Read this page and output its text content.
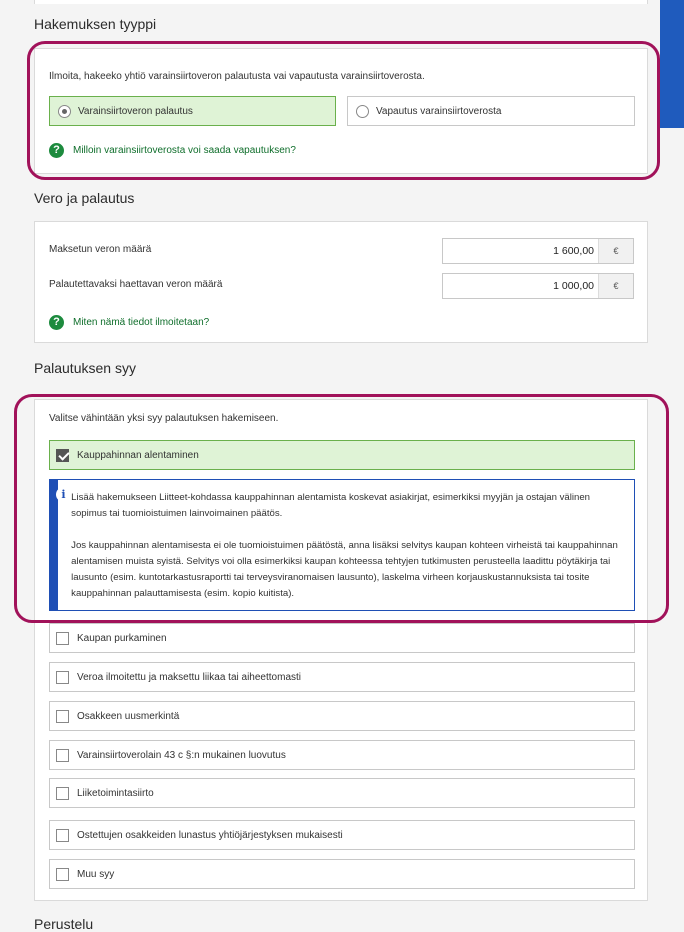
Hakemuksen tyyppi
Ilmoita, hakeeko yhtiö varainsiirtoveron palautusta vai vapautusta varainsiirtoverosta.
Varainsiirtoveron palautus	Vapautus varainsiirtoverosta
?	Milloin varainsiirtoverosta voi saada vapautuksen?
Vero ja palautus
Maksetun veron määrä	1 600,00	€
Palautettavaksi haettavan veron määrä	1 000,00	€
?	Miten nämä tiedot ilmoitetaan?
Palautuksen syy
Valitse vähintään yksi syy palautuksen hakemiseen.
Kauppahinnan alentaminen
i Lisää hakemukseen Liitteet-kohdassa kauppahinnan alentamista koskevat asiakirjat, esimerkiksi myyjän ja ostajan välinen sopimus tai tuomioistuimen lainvoimainen päätös.

Jos kauppahinnan alentamisesta ei ole tuomioistuimen päätöstä, anna lisäksi selvitys kaupan kohteen virheistä tai kauppahinnan alentamisen muista syistä. Selvitys voi olla esimerkiksi kaupan kohteessa tehtyjen tutkimusten perusteella laadittu pöytäkirja tai lausunto (esim. kuntotarkastusraportti tai terveysviranomaisen lausunto), laskelma virheen korjauskustannuksista tai tosite kauppahinnan palauttamisesta (esim. kopio kuitista).

Kaupan purkaminen
Veroa ilmoitettu ja maksettu liikaa tai aiheettomasti
Osakkeen uusmerkintä
Varainsiirtoverolain 43 c §:n mukainen luovutus
Liiketoimintasiirto
Ostettujen osakkeiden lunastus yhtiöjärjestyksen mukaisesti
Muu syy
Perustelu
